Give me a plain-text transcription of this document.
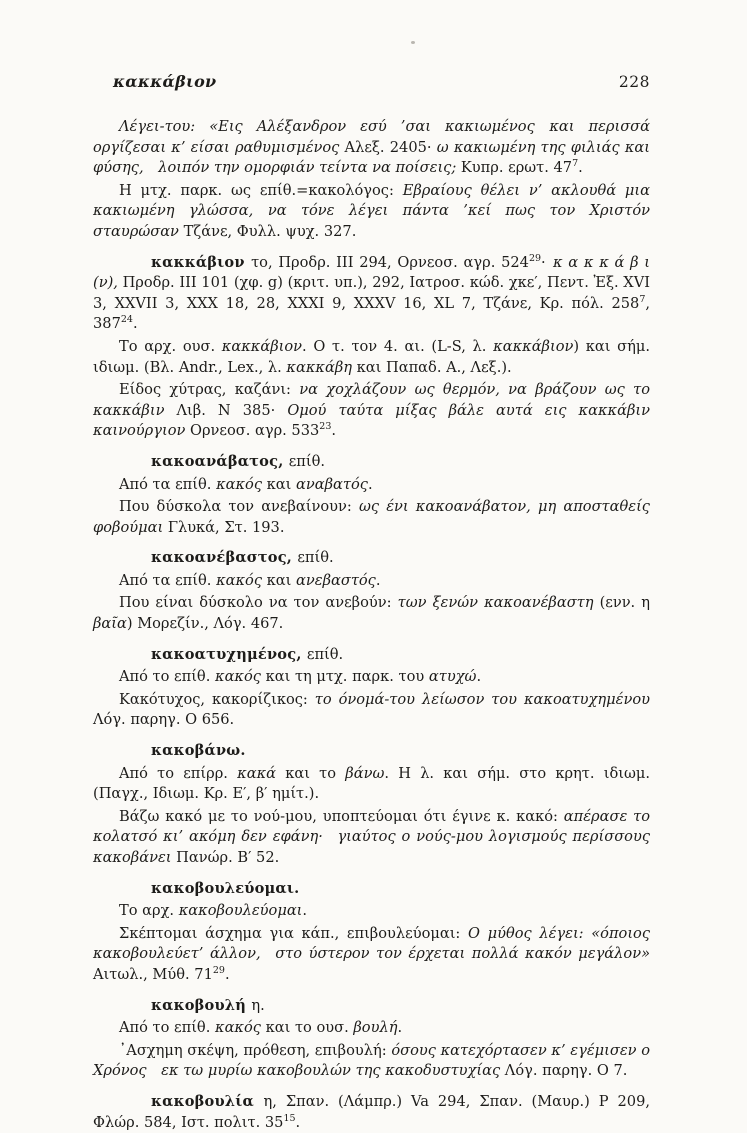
κακκάβιον	228

Λέγει-του: «Εις Αλέξανδρον εσύ ’σαι κακιωμένος και περισσά οργίζεσαι κ’ είσαι ραθυμισμένος Αλεξ. 2405· ω κακιωμένη της φιλιάς και φύσης, λοιπόν την ομορφιάν τείντα να ποίσεις; Κυπρ. ερωτ. $47^7$.

Η μτχ. παρκ. ως επίθ.=κακολόγος: Εβραίους θέλει ν’ ακλουθά μια κακιωμένη γλώσσα, να τόνε λέγει πάντα ’κεί πως τον Χριστόν σταυρώσαν Τζάνε, Φυλλ. ψυχ. 327.

κακκάβιον το, Προδρ. III 294, Ορνεοσ. αγρ. $524^{29}\cdot$ κ α κ κ ά β ι (ν), Προδρ. III 101 (χφ. g) (κριτ. υπ.), 292, Ιατροσ. κώδ. χκε′, Πεντ. Ἐξ. XVI 3, XXVII 3, XXX 18, 28, XXXI 9, XXXV 16, XL 7, Τζάνε, Κρ. πόλ. $258^7$, $387^{24}$.

Το αρχ. ουσ. κακκάβιον. Ο τ. τον 4. αι. (L-S, λ. κακκάβιον) και σήμ. ιδιωμ. (Βλ. Andr., Lex., λ. κακκάβη και Παπαδ. Α., Λεξ.).

Είδος χύτρας, καζάνι: να χοχλάζουν ως θερμόν, να βράζουν ως το κακκάβιν Λιβ. Ν 385· Ομού ταύτα μίξας βάλε αυτά εις κακκάβιν καινούργιον Ορνεοσ. αγρ. $533^{23}$.

κακοανάβατος, επίθ.

Από τα επίθ. κακός και αναβατός.

Που δύσκολα τον ανεβαίνουν: ως ένι κακοανάβατον, μη αποσταθείς φοβούμαι Γλυκά, Στ. 193.

κακοανέβαστος, επίθ.

Από τα επίθ. κακός και ανεβαστός.

Που είναι δύσκολο να τον ανεβούν: των ξενών κακοανέβαστη (ενν. η βαῖα) Μορεζίν., Λόγ. 467.

κακοατυχημένος, επίθ.

Από το επίθ. κακός και τη μτχ. παρκ. του ατυχώ.

Κακότυχος, κακορίζικος: το όνομά-του λείωσον του κακοατυχημένου Λόγ. παρηγ. Ο 656.

κακοβάνω.

Από το επίρρ. κακά και το βάνω. Η λ. και σήμ. στο κρητ. ιδιωμ. (Παγχ., Ιδιωμ. Κρ. Ε′, β′ ημίτ.).

Βάζω κακό με το νού-μου, υποπτεύομαι ότι έγινε κ. κακό: απέρασε το κολατσό κι’ ακόμη δεν εφάνη· γιαύτος ο νούς-μου λογισμούς περίσσους κακοβάνει Πανώρ. Β′ 52.

κακοβουλεύομαι.

Το αρχ. κακοβουλεύομαι.

Σκέπτομαι άσχημα για κάπ., επιβουλεύομαι: Ο μύθος λέγει: «όποιος κακοβουλεύετ’ άλλον, στο ύστερον τον έρχεται πολλά κακόν μεγάλον» Αιτωλ., Μύθ. $71^{29}$.

κακοβουλή η.

Από το επίθ. κακός και το ουσ. βουλή.

᾿Ασχημη σκέψη, πρόθεση, επιβουλή: όσους κατεχόρτασεν κ’ εγέμισεν ο Χρόνος εκ τω μυρίω κακοβουλών της κακοδυστυχίας Λόγ. παρηγ. Ο 7.

κακοβουλία η, Σπαν. (Λάμπρ.) Va 294, Σπαν. (Μαυρ.) Ρ 209, Φλώρ. 584, Ιστ. πολιτ. $35^{15}$.
